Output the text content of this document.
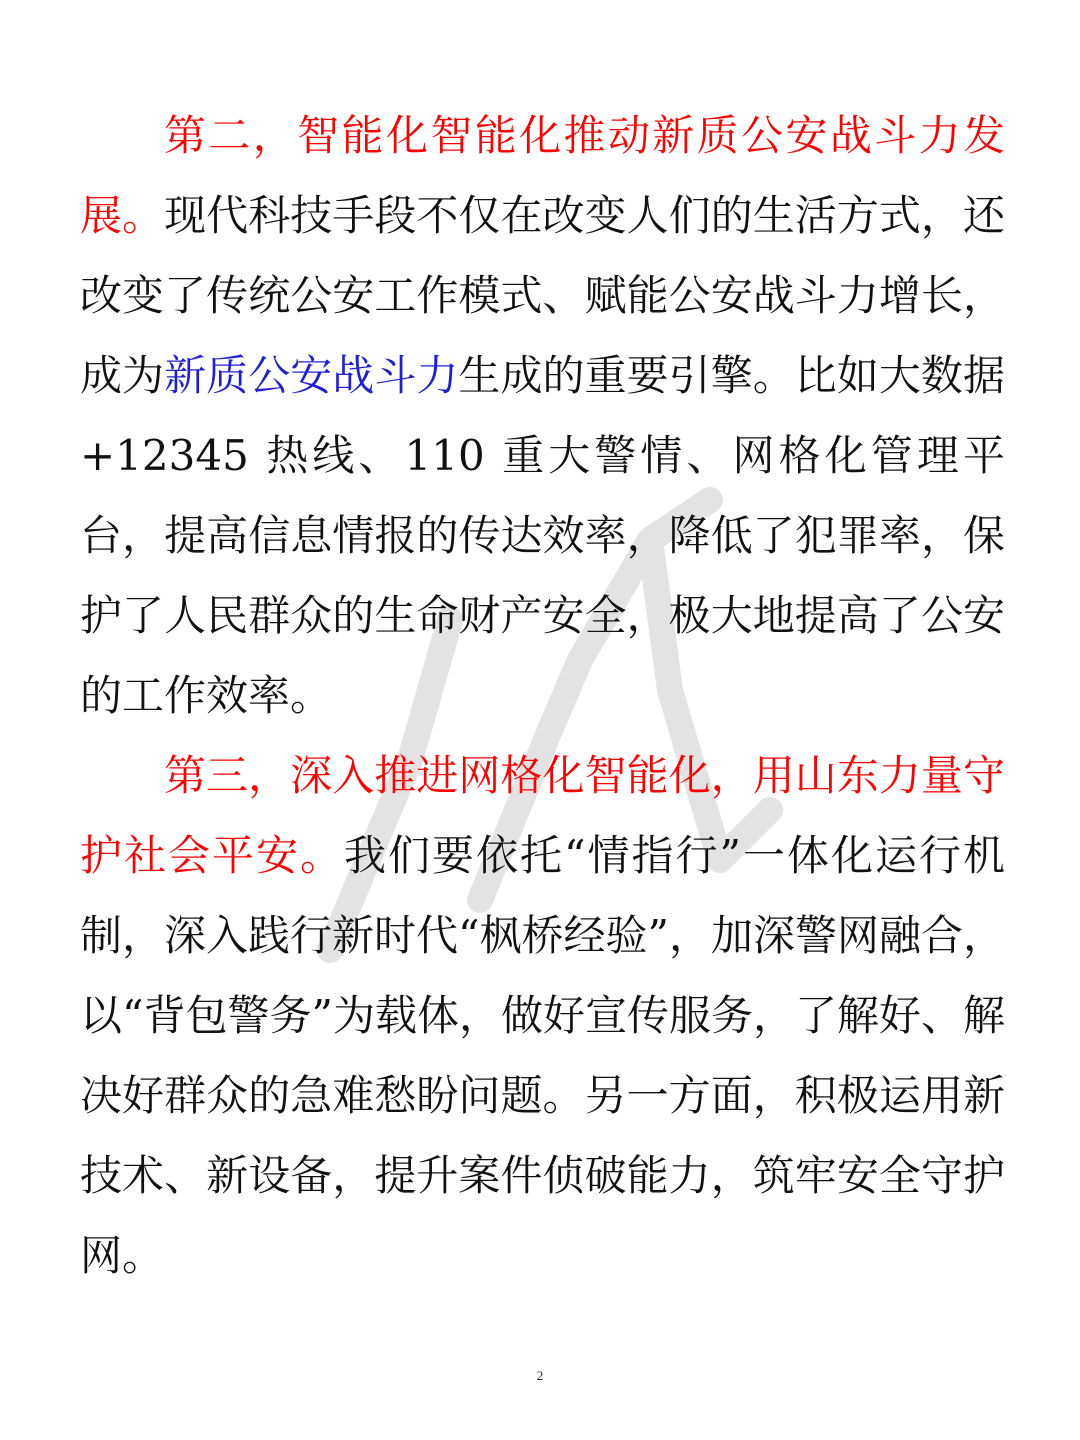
第二，智能化智能化推动新质公安战斗力发展。现代科技手段不仅在改变人们的生活方式，还改变了传统公安工作模式、赋能公安战斗力增长，成为新质公安战斗力生成的重要引擎。比如大数据+12345 热线、110 重大警情、网格化管理平台，提高信息情报的传达效率，降低了犯罪率，保护了人民群众的生命财产安全，极大地提高了公安的工作效率。

第三，深入推进网格化智能化，用山东力量守护社会平安。我们要依托“情指行”一体化运行机制，深入践行新时代“枫桥经验”，加深警网融合，以“背包警务”为载体，做好宣传服务，了解好、解决好群众的急难愁盼问题。另一方面，积极运用新技术、新设备，提升案件侦破能力，筑牢安全守护网。

2
